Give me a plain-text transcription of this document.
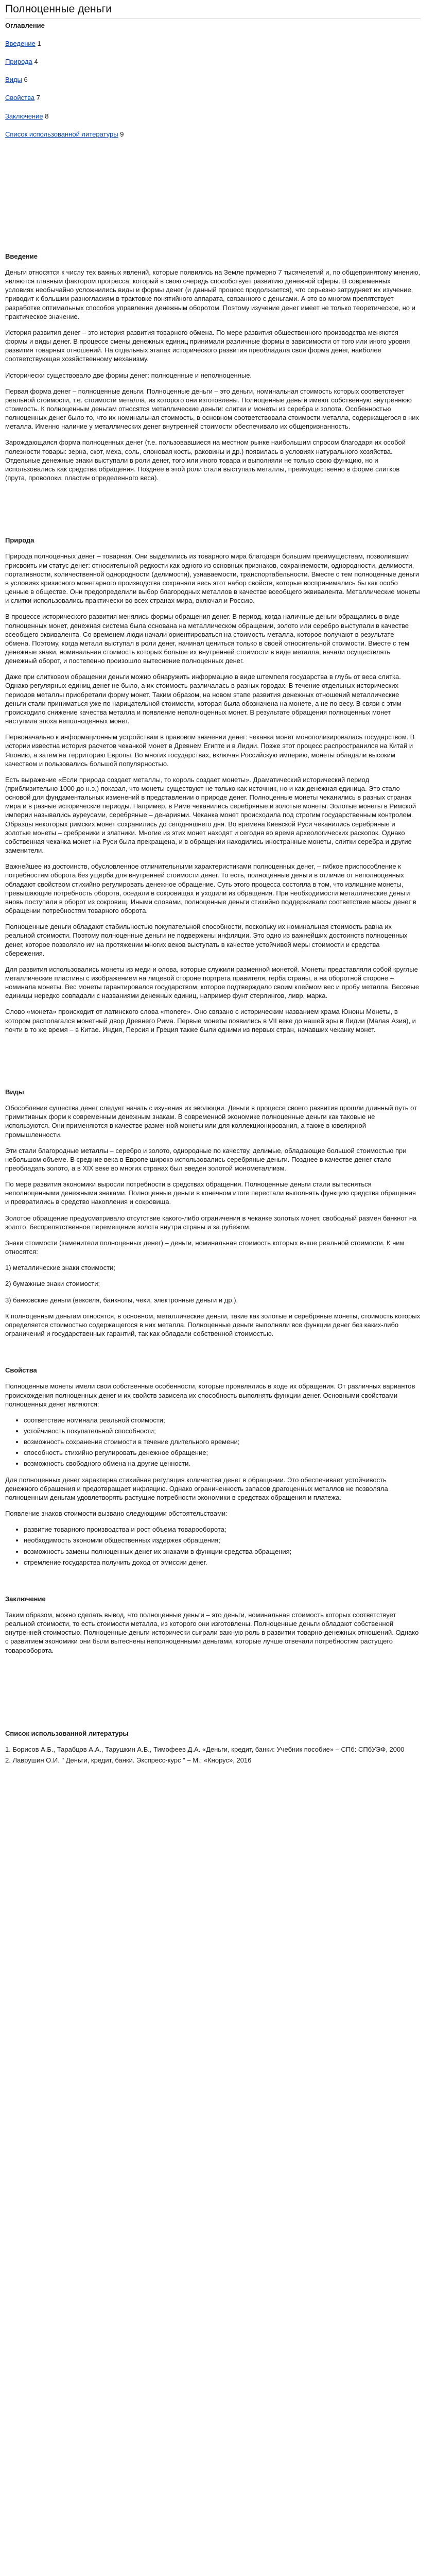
Полноценные деньги
Оглавление
Введение 1
Природа 4
Виды 6
Свойства 7
Заключение 8
Список использованной литературы 9
Введение

Деньги относятся к числу тех важных явлений, которые появились на Земле примерно 7 тысячелетий и, по общепринятому мнению, являются главным фактором прогресса, который в свою очередь способствует развитию денежной сферы. В современных условиях необычайно усложнились виды и формы денег (и данный процесс продолжается), что серьезно затрудняет их изучение, приводит к большим разногласиям в трактовке понятийного аппарата, связанного с деньгами. А это во многом препятствует разработке оптимальных способов управления денежным оборотом. Поэтому изучение денег имеет не только теоретическое, но и практическое значение.

История развития денег – это история развития товарного обмена. По мере развития общественного производства меняются формы и виды денег. В процессе смены денежных единиц принимали различные формы в зависимости от того или иного уровня развития товарных отношений. На отдельных этапах исторического развития преобладала своя форма денег, наиболее соответствующая хозяйственному механизму.

Исторически существовало две формы денег: полноценные и неполноценные.

Первая форма денег – полноценные деньги. Полноценные деньги – это деньги, номинальная стоимость которых соответствует реальной стоимости, т.е. стоимости металла, из которого они изготовлены. Полноценные деньги имеют собственную внутреннюю стоимость. К полноценным деньгам относятся металлические деньги: слитки и монеты из серебра и золота. Особенностью полноценных денег было то, что их номинальная стоимость, в основном соответствовала стоимости металла, содержащегося в них металла. Именно наличие у металлических денег внутренней стоимости обеспечивало их общепризнанность.

Зарождающаяся форма полноценных денег (т.е. пользовавшиеся на местном рынке наибольшим спросом благодаря их особой полезности товары: зерна, скот, меха, соль, слоновая кость, раковины и др.) появилась в условиях натурального хозяйства. Отдельные денежные знаки выступали в роли денег, того или иного товара и выполняли не только свою функцию, но и использовались как средства обращения. Позднее в этой роли стали выступать металлы, преимущественно в форме слитков (прута, проволоки, пластин определенного веса).

Природа

Природа полноценных денег – товарная. Они выделились из товарного мира благодаря большим преимуществам, позволившим присвоить им статус денег: относительной редкости как одного из основных признаков, сохраняемости, однородности, делимости, портативности, количественной однородности (делимости), узнаваемости, транспортабельности. Вместе с тем полноценные деньги в условиях кризисного монетарного производства сохраняли весь этот набор свойств, которые воспринимались бы как особо ценные в обществе. Они предопределили выбор благородных металлов в качестве всеобщего эквивалента. Металлические монеты и слитки использовались практически во всех странах мира, включая и Россию.

В процессе исторического развития менялись формы обращения денег. В период, когда наличные деньги обращались в виде полноценных монет, денежная система была основана на металлическом обращении, золото или серебро выступали в качестве всеобщего эквивалента. Со временем люди начали ориентироваться на стоимость металла, которое получают в результате обмена. Поэтому, когда металл выступал в роли денег, начинал цениться только в своей относительной стоимости. Вместе с тем денежные знаки, номинальная стоимость которых больше их внутренней стоимости в виде металла, начали осуществлять денежный оборот, и постепенно произошло вытеснение полноценных денег.

Даже при слитковом обращении деньги можно обнаружить информацию в виде штемпеля государства в глубь от веса слитка. Однако регулярных единиц денег не было, а их стоимость различалась в разных городах. В течение отдельных исторических периодов металлы приобретали форму монет. Таким образом, на новом этапе развития денежных отношений металлические деньги стали приниматься уже по нарицательной стоимости, которая была обозначена на монете, а не по весу. В связи с этим происходило снижение качества металла и появление неполноценных монет. В результате обращения полноценных монет наступила эпоха неполноценных монет.

Первоначально к информационным устройствам в правовом значении денег: чеканка монет монополизировалась государством. В истории известна история расчетов чеканкой монет в Древнем Египте и в Лидии. Позже этот процесс распространился на Китай и Японию, а затем на территорию Европы. Во многих государствах, включая Российскую империю, монеты обладали высоким качеством и пользовались большой популярностью.

Есть выражение «Если природа создает металлы, то король создает монеты». Драматический исторический период (приблизительно 1000 до н.э.) показал, что монеты существуют не только как источник, но и как денежная единица. Это стало основой для фундаментальных изменений в представлении о природе денег. Полноценные монеты чеканились в разных странах мира и в разные исторические периоды. Например, в Риме чеканились серебряные и золотые монеты. Золотые монеты в Римской империи назывались ауреусами, серебряные – денариями. Чеканка монет происходила под строгим государственным контролем. Образцы некоторых римских монет сохранились до сегодняшнего дня. Во времена Киевской Руси чеканились серебряные и золотые монеты – сребреники и златники. Многие из этих монет находят и сегодня во время археологических раскопок. Однако собственная чеканка монет на Руси была прекращена, и в обращении находились иностранные монеты, слитки серебра и другие заменители.

Важнейшее из достоинств, обусловленное отличительными характеристиками полноценных денег, – гибкое приспособление к потребностям оборота без ущерба для внутренней стоимости денег. То есть, полноценные деньги в отличие от неполноценных обладают свойством стихийно регулировать денежное обращение. Суть этого процесса состояла в том, что излишние монеты, превышающие потребность оборота, оседали в сокровищах и уходили из обращения. При необходимости металлические деньги вновь поступали в оборот из сокровищ. Иными словами, полноценные деньги стихийно поддерживали соответствие массы денег в обращении потребностям товарного оборота.

Полноценные деньги обладают стабильностью покупательной способности, поскольку их номинальная стоимость равна их реальной стоимости. Поэтому полноценные деньги не подвержены инфляции. Это одно из важнейших достоинств полноценных денег, которое позволяло им на протяжении многих веков выступать в качестве устойчивой меры стоимости и средства сбережения.

Для развития использовались монеты из меди и олова, которые служили разменной монетой. Монеты представляли собой круглые металлические пластины с изображением на лицевой стороне портрета правителя, герба страны, а на оборотной стороне – номинала монеты. Вес монеты гарантировался государством, которое подтверждало своим клеймом вес и пробу металла. Весовые единицы нередко совпадали с названиями денежных единиц, например фунт стерлингов, ливр, марка.

Слово «монета» происходит от латинского слова «monere». Оно связано с историческим названием храма Юноны Монеты, в котором располагался монетный двор Древнего Рима. Первые монеты появились в VII веке до нашей эры в Лидии (Малая Азия), и почти в то же время – в Китае. Индия, Персия и Греция также были одними из первых стран, начавших чеканку монет.

Виды

Обособление существа денег следует начать с изучения их эволюции. Деньги в процессе своего развития прошли длинный путь от примитивных форм к современным денежным знакам. В современной экономике полноценные деньги как таковые не используются. Они применяются в качестве разменной монеты или для коллекционирования, а также в ювелирной промышленности.

Эти стали благородные металлы – серебро и золото, однородные по качеству, делимые, обладающие большой стоимостью при небольшом объеме. В средние века в Европе широко использовались серебряные деньги. Позднее в качестве денег стало преобладать золото, а в XIX веке во многих странах был введен золотой монометаллизм.

По мере развития экономики выросли потребности в средствах обращения. Полноценные деньги стали вытесняться неполноценными денежными знаками. Полноценные деньги в конечном итоге перестали выполнять функцию средства обращения и превратились в средство накопления и сокровища.

Золотое обращение предусматривало отсутствие какого-либо ограничения в чеканке золотых монет, свободный размен банкнот на золото, беспрепятственное перемещение золота внутри страны и за рубежом.

Знаки стоимости (заменители полноценных денег) – деньги, номинальная стоимость которых выше реальной стоимости. К ним относятся:

1) металлические знаки стоимости;

2) бумажные знаки стоимости;

3) банковские деньги (векселя, банкноты, чеки, электронные деньги и др.).

К полноценным деньгам относятся, в основном, металлические деньги, такие как золотые и серебряные монеты, стоимость которых определяется стоимостью содержащегося в них металла. Полноценные деньги выполняли все функции денег без каких-либо ограничений и государственных гарантий, так как обладали собственной стоимостью.

Свойства

Полноценные монеты имели свои собственные особенности, которые проявлялись в ходе их обращения. От различных вариантов происхождения полноценных денег и их свойств зависела их способность выполнять функции денег. Основными свойствами полноценных денег являются:

• соответствие номинала реальной стоимости;
• устойчивость покупательной способности;
• возможность сохранения стоимости в течение длительного времени;
• способность стихийно регулировать денежное обращение;
• возможность свободного обмена на другие ценности.

Для полноценных денег характерна стихийная регуляция количества денег в обращении. Это обеспечивает устойчивость денежного обращения и предотвращает инфляцию. Однако ограниченность запасов драгоценных металлов не позволяла полноценным деньгам удовлетворять растущие потребности экономики в средствах обращения и платежа.

Появление знаков стоимости вызвано следующими обстоятельствами:

• развитие товарного производства и рост объема товарооборота;
• необходимость экономии общественных издержек обращения;
• возможность замены полноценных денег их знаками в функции средства обращения;
• стремление государства получить доход от эмиссии денег.
Заключение

Таким образом, можно сделать вывод, что полноценные деньги – это деньги, номинальная стоимость которых соответствует реальной стоимости, то есть стоимости металла, из которого они изготовлены. Полноценные деньги обладают собственной внутренней стоимостью. Полноценные деньги исторически сыграли важную роль в развитии товарно-денежных отношений. Однако с развитием экономики они были вытеснены неполноценными деньгами, которые лучше отвечали потребностям растущего товарооборота.

Список использованной литературы
1. Борисов А.Б., Тарабцов А.А., Тарушкин А.Б., Тимофеев Д.А. «Деньги, кредит, банки: Учебник пособие» – СПб: СПбУЭФ, 2000
2. Лаврушин О.И. " Деньги, кредит, банки. Экспресс-курс " – М.: «Кнорус», 2016
